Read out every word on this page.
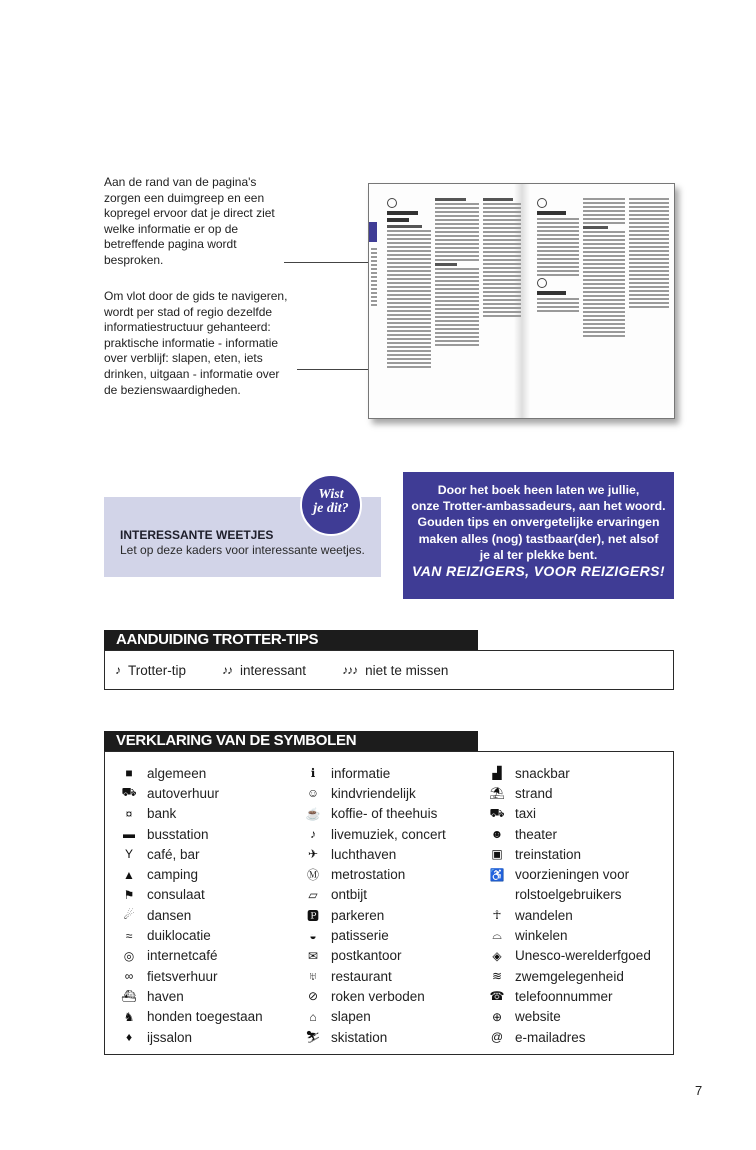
Aan de rand van de pagina's zorgen een duimgreep en een kopregel ervoor dat je direct ziet welke informatie er op de betreffende pagina wordt besproken.

Om vlot door de gids te navigeren, wordt per stad of regio dezelfde informatiestructuur gehanteerd: praktische informatie - informatie over verblijf: slapen, eten, iets drinken, uitgaan - informatie over de bezienswaardigheden.

INTERESSANTE WEETJES
Let op deze kaders voor interessante weetjes.
Wist
je dit?
Door het boek heen laten we jullie,
onze Trotter-ambassadeurs, aan het woord.
Gouden tips en onvergetelijke ervaringen
maken alles (nog) tastbaar(der), net alsof
je al ter plekke bent.
VAN REIZIGERS, VOOR REIZIGERS!
AANDUIDING TROTTER-TIPS
♪ Trotter-tip	♪♪ interessant	♪♪♪ niet te missen
VERKLARING VAN DE SYMBOLEN
■	algemeen
⛟ autoverhuur
¤	bank
▬ busstation
Y café, bar
▲ camping
⚑ consulaat
☄ dansen
≈	duiklocatie
◎ internetcafé
∞ fietsverhuur
⛴ haven
♞ honden toegestaan
♦	ijssalon
ℹ	informatie
☺ kindvriendelijk
☕ koffie- of theehuis
♪	livemuziek, concert
✈ luchthaven
Ⓜ metrostation
▱ ontbijt
🅿 parkeren
◒	patisserie
✉ postkantoor
♅ restaurant
⊘ roken verboden
⌂	slapen
⛷ skistation
▟ snackbar
⛱ strand
⛟ taxi
☻ theater
▣ treinstation
♿ voorzieningen voor
rolstoelgebruikers
☥ wandelen
⌓ winkelen
◈ Unesco-werelderfgoed
≋ zwemgelegenheid
☎ telefoonnummer
⊕ website
@ e-mailadres
7
